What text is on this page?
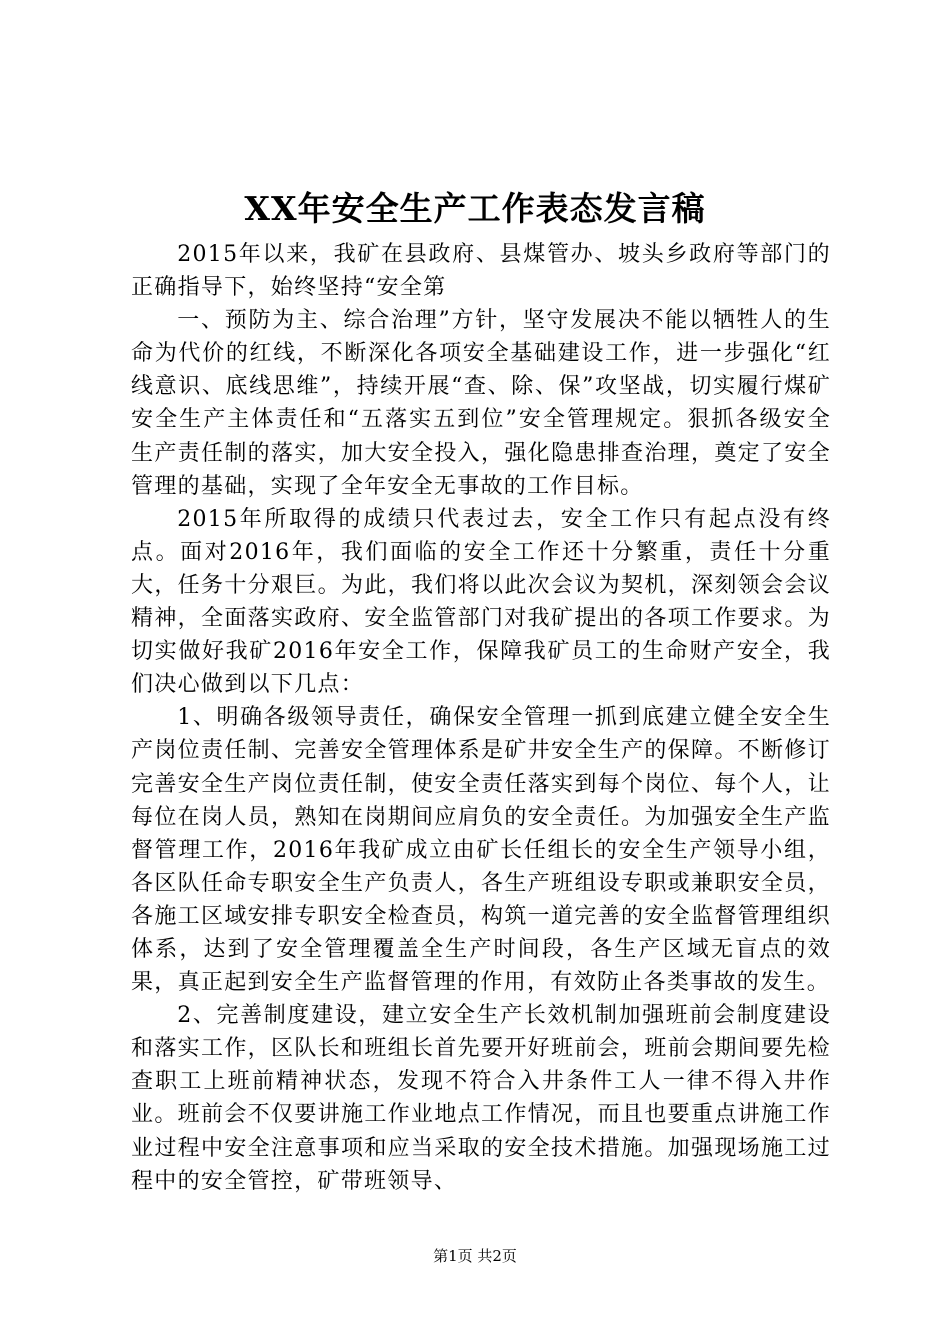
XX年安全生产工作表态发言稿

2015年以来，我矿在县政府、县煤管办、坡头乡政府等部门的正确指导下，始终坚持“安全第

一、预防为主、综合治理”方针，坚守发展决不能以牺牲人的生命为代价的红线，不断深化各项安全基础建设工作，进一步强化“红线意识、底线思维”，持续开展“查、除、保”攻坚战，切实履行煤矿安全生产主体责任和“五落实五到位”安全管理规定。狠抓各级安全生产责任制的落实，加大安全投入，强化隐患排查治理，奠定了安全管理的基础，实现了全年安全无事故的工作目标。

2015年所取得的成绩只代表过去，安全工作只有起点没有终点。面对2016年，我们面临的安全工作还十分繁重，责任十分重大，任务十分艰巨。为此，我们将以此次会议为契机，深刻领会会议精神，全面落实政府、安全监管部门对我矿提出的各项工作要求。为切实做好我矿2016年安全工作，保障我矿员工的生命财产安全，我们决心做到以下几点：

1、明确各级领导责任，确保安全管理一抓到底建立健全安全生产岗位责任制、完善安全管理体系是矿井安全生产的保障。不断修订完善安全生产岗位责任制，使安全责任落实到每个岗位、每个人，让每位在岗人员，熟知在岗期间应肩负的安全责任。为加强安全生产监督管理工作，2016年我矿成立由矿长任组长的安全生产领导小组，各区队任命专职安全生产负责人，各生产班组设专职或兼职安全员，各施工区域安排专职安全检查员，构筑一道完善的安全监督管理组织体系，达到了安全管理覆盖全生产时间段，各生产区域无盲点的效果，真正起到安全生产监督管理的作用，有效防止各类事故的发生。

2、完善制度建设，建立安全生产长效机制加强班前会制度建设和落实工作，区队长和班组长首先要开好班前会，班前会期间要先检查职工上班前精神状态，发现不符合入井条件工人一律不得入井作业。班前会不仅要讲施工作业地点工作情况，而且也要重点讲施工作业过程中安全注意事项和应当采取的安全技术措施。加强现场施工过程中的安全管控，矿带班领导、

第1页 共2页
